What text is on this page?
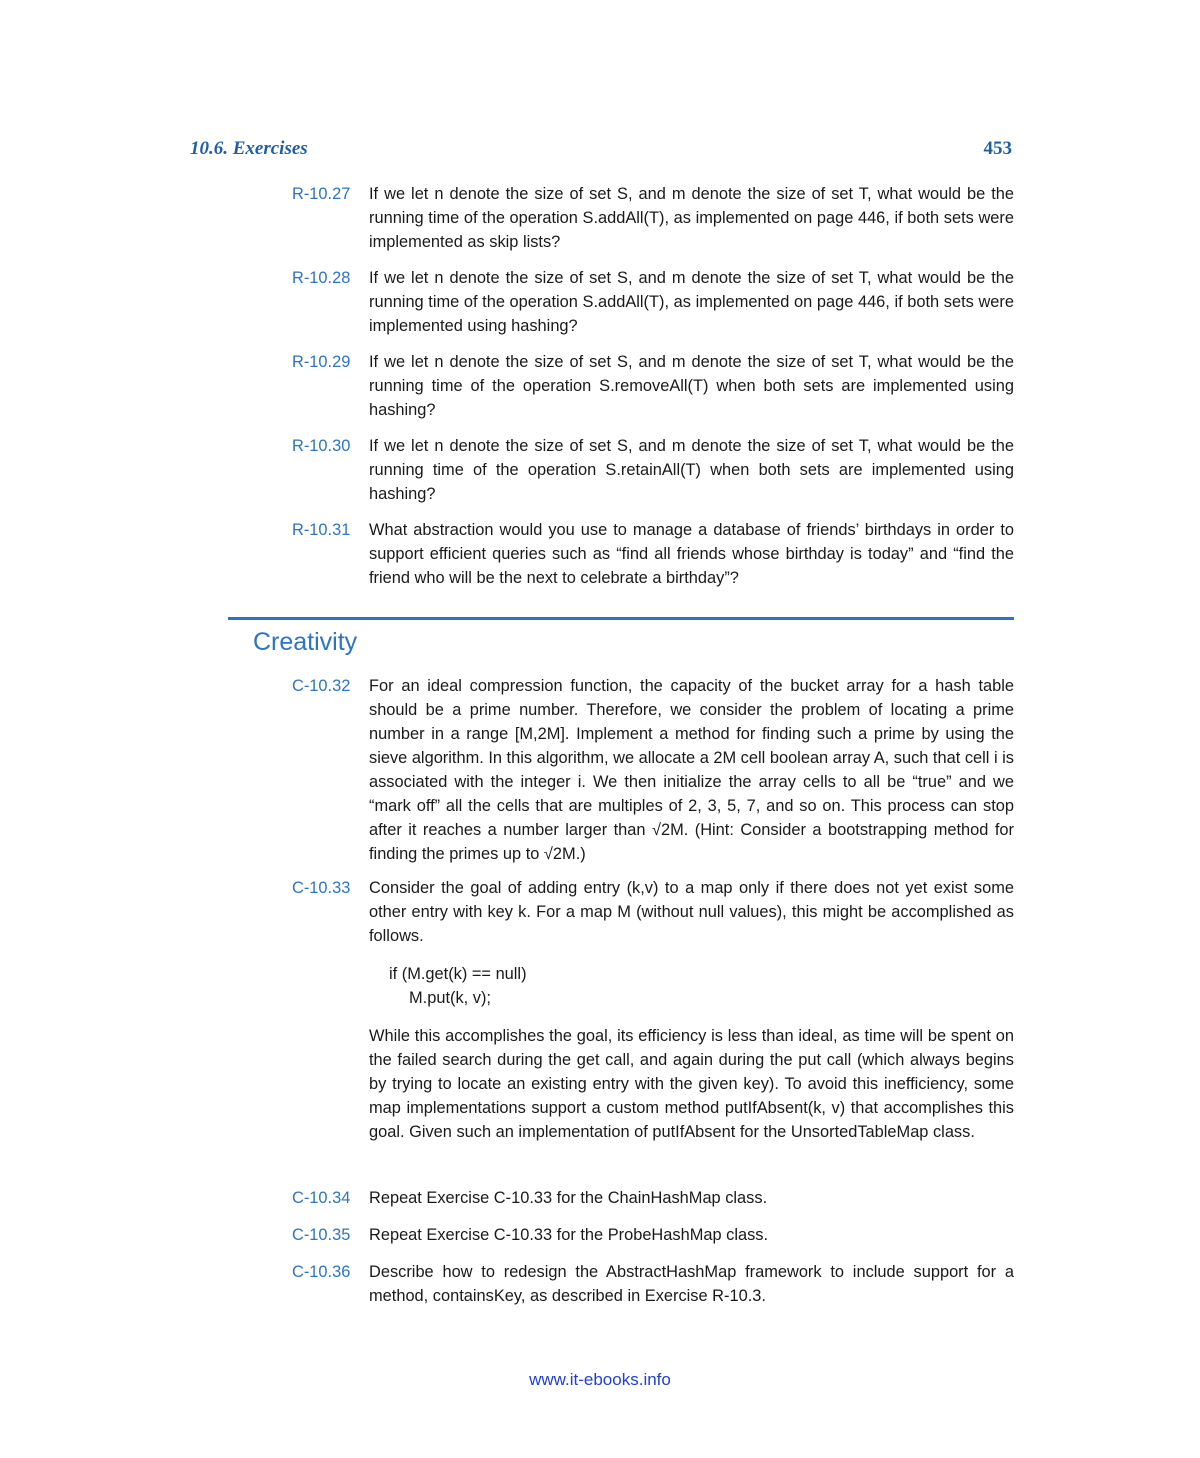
10.6. Exercises	453
R-10.27 If we let n denote the size of set S, and m denote the size of set T, what would be the running time of the operation S.addAll(T), as implemented on page 446, if both sets were implemented as skip lists?

R-10.28 If we let n denote the size of set S, and m denote the size of set T, what would be the running time of the operation S.addAll(T), as implemented on page 446, if both sets were implemented using hashing?

R-10.29 If we let n denote the size of set S, and m denote the size of set T, what would be the running time of the operation S.removeAll(T) when both sets are implemented using hashing?

R-10.30 If we let n denote the size of set S, and m denote the size of set T, what would be the running time of the operation S.retainAll(T) when both sets are implemented using hashing?

R-10.31 What abstraction would you use to manage a database of friends’ birthdays in order to support efficient queries such as “find all friends whose birthday is today” and “find the friend who will be the next to celebrate a birthday”?

Creativity
C-10.32 For an ideal compression function, the capacity of the bucket array for a hash table should be a prime number. Therefore, we consider the problem of locating a prime number in a range [M,2M]. Implement a method for finding such a prime by using the sieve algorithm. In this algorithm, we allocate a 2M cell boolean array A, such that cell i is associated with the integer i. We then initialize the array cells to all be “true” and we “mark off” all the cells that are multiples of 2, 3, 5, 7, and so on. This process can stop after it reaches a number larger than √2M. (Hint: Consider a bootstrapping method for finding the primes up to √2M.)

C-10.33 Consider the goal of adding entry (k,v) to a map only if there does not yet exist some other entry with key k. For a map M (without null values), this might be accomplished as follows.

if (M.get(k) == null)
M.put(k, v);

While this accomplishes the goal, its efficiency is less than ideal, as time will be spent on the failed search during the get call, and again during the put call (which always begins by trying to locate an existing entry with the given key). To avoid this inefficiency, some map implementations support a custom method putIfAbsent(k, v) that accomplishes this goal. Given such an implementation of putIfAbsent for the UnsortedTableMap class.

C-10.34 Repeat Exercise C-10.33 for the ChainHashMap class.

C-10.35 Repeat Exercise C-10.33 for the ProbeHashMap class.

C-10.36 Describe how to redesign the AbstractHashMap framework to include support for a method, containsKey, as described in Exercise R-10.3.

www.it-ebooks.info
